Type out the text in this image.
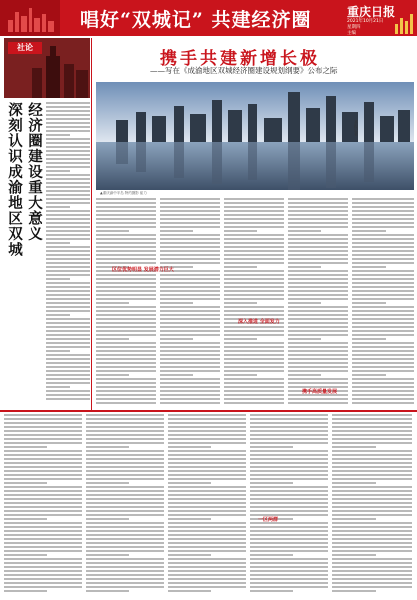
唱好“双城记” 共建经济圈	重庆日报
2021年10月21日
星期四
主编
美编
社论
深刻认识成渝地区双城 经济圈建设重大意义
携手共建新增长极
——写在《成渝地区双城经济圈建设规划纲要》公布之际
▲重庆渝中半岛 特约摄影 崔力
本报记者
区位优势明显 发展潜力巨大
深入推进 全面发力
携手高质量发展
一区两群
